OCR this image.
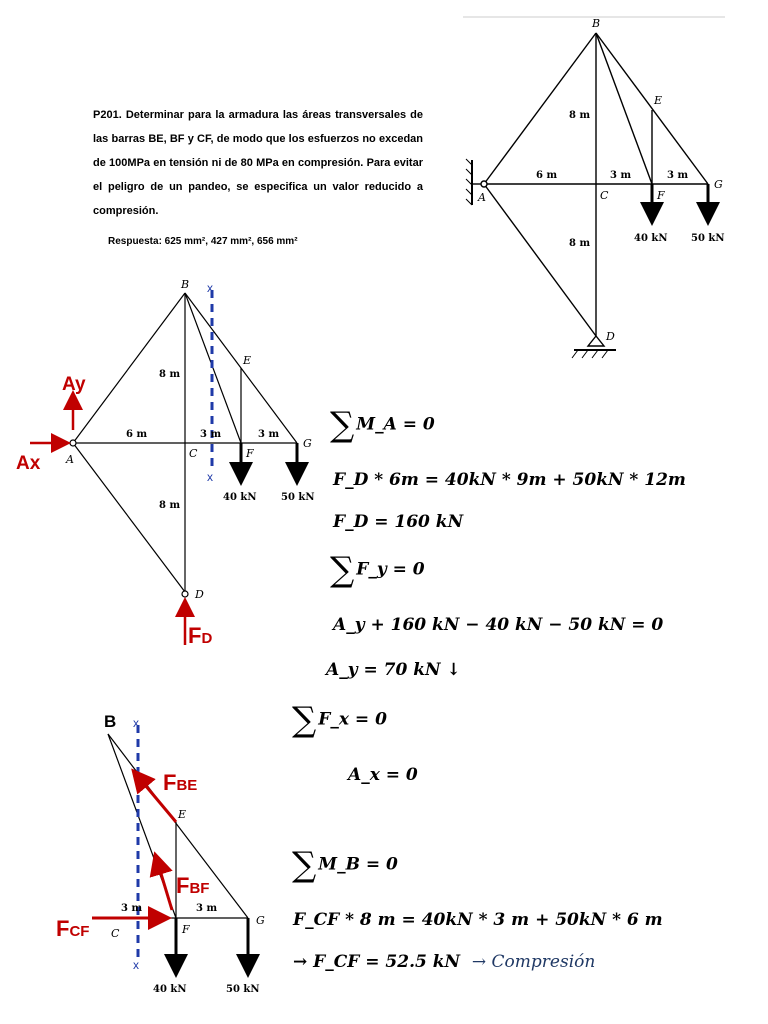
P201. Determinar para la armadura las áreas transversales de las barras BE, BF y CF, de modo que los esfuerzos no excedan de 100MPa en tensión ni de 80 MPa en compresión. Para evitar el peligro de un pandeo, se especifica un valor reducido a compresión.
Respuesta: 625 mm², 427 mm², 656 mm²
B
E
A	C	F
G
D
8 m
8 m
6 m	3 m	3 m
40 kN 50 kN
B
E
A	C	F
G
D
8 m
8 m
6 m	3 m	3 m
40 kN 50 kN
x
x
Ax
Ay
FD
B x
x
E
C	F
G
3 m	3 m
40 kN	50 kN
FBE
FBF
FCF
∑ M_A = 0
F_D * 6m = 40kN * 9m + 50kN * 12m
F_D = 160 kN
∑ F_y = 0
A_y + 160 kN − 40 kN − 50 kN = 0
A_y = 70 kN ↓
∑ F_x = 0
A_x = 0
∑ M_B = 0
F_CF * 8 m = 40kN * 3 m + 50kN * 6 m
→ F_CF = 52.5 kN → Compresión
